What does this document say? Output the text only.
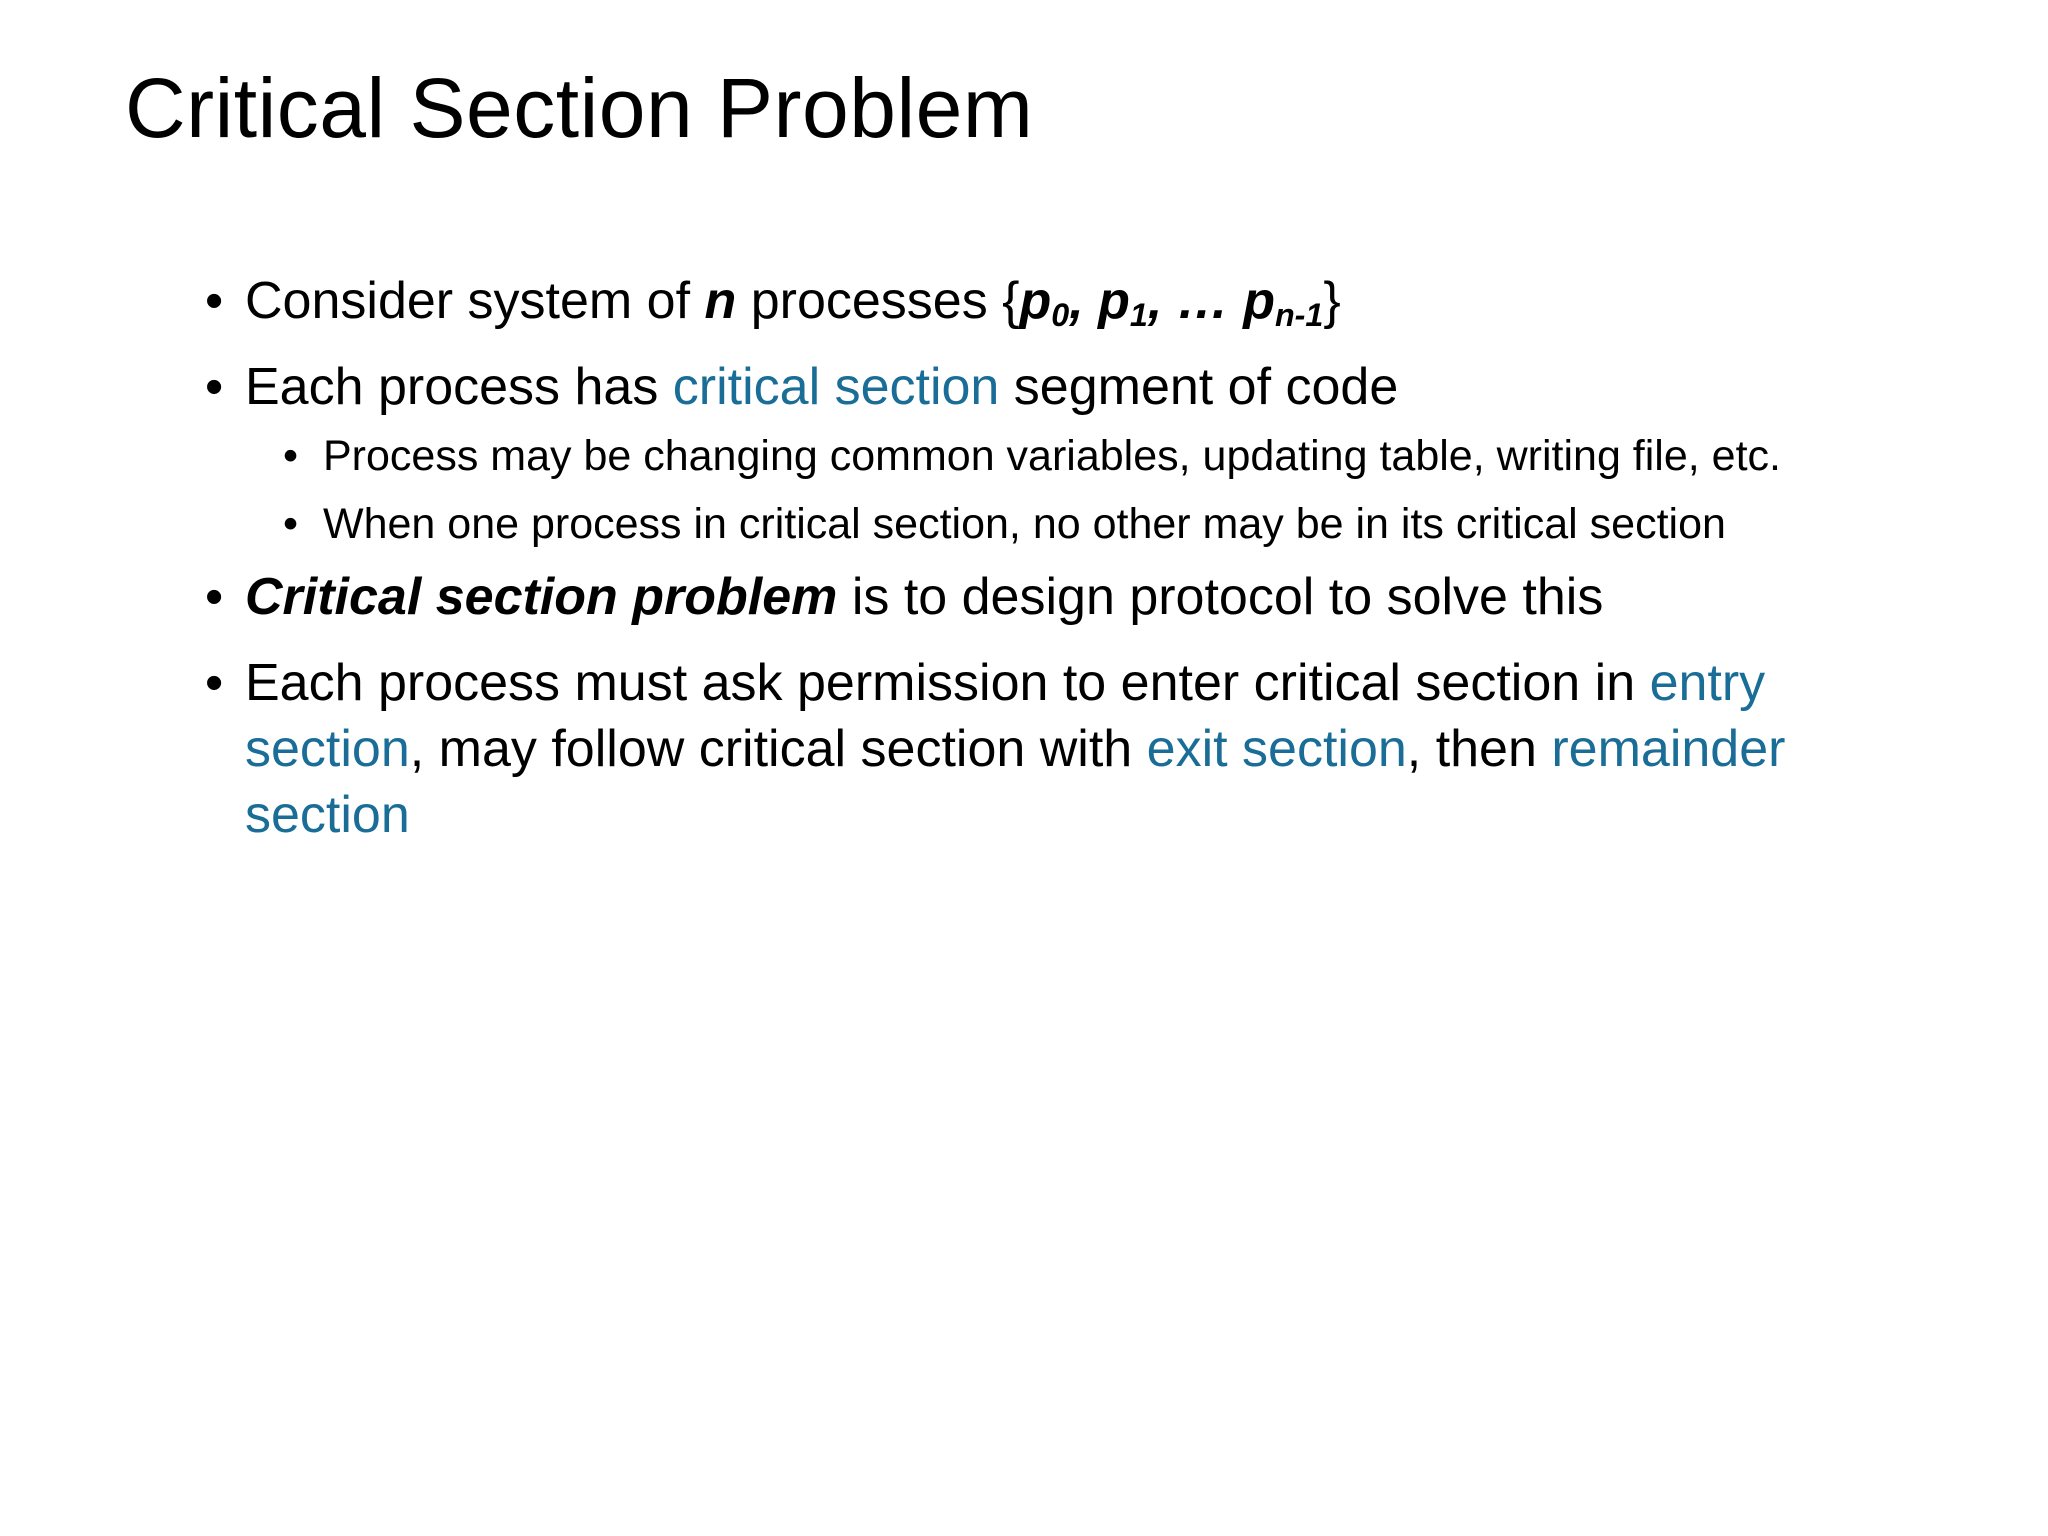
Critical Section Problem
• Consider system of n processes {$p_0$, $p_1$, … $p_{n-1}$}
• Each process has critical section segment of code
• Process may be changing common variables, updating table, writing file, etc.
• When one process in critical section, no other may be in its critical section
• Critical section problem is to design protocol to solve this
• Each process must ask permission to enter critical section in entry section, may follow critical section with exit section, then remainder section
